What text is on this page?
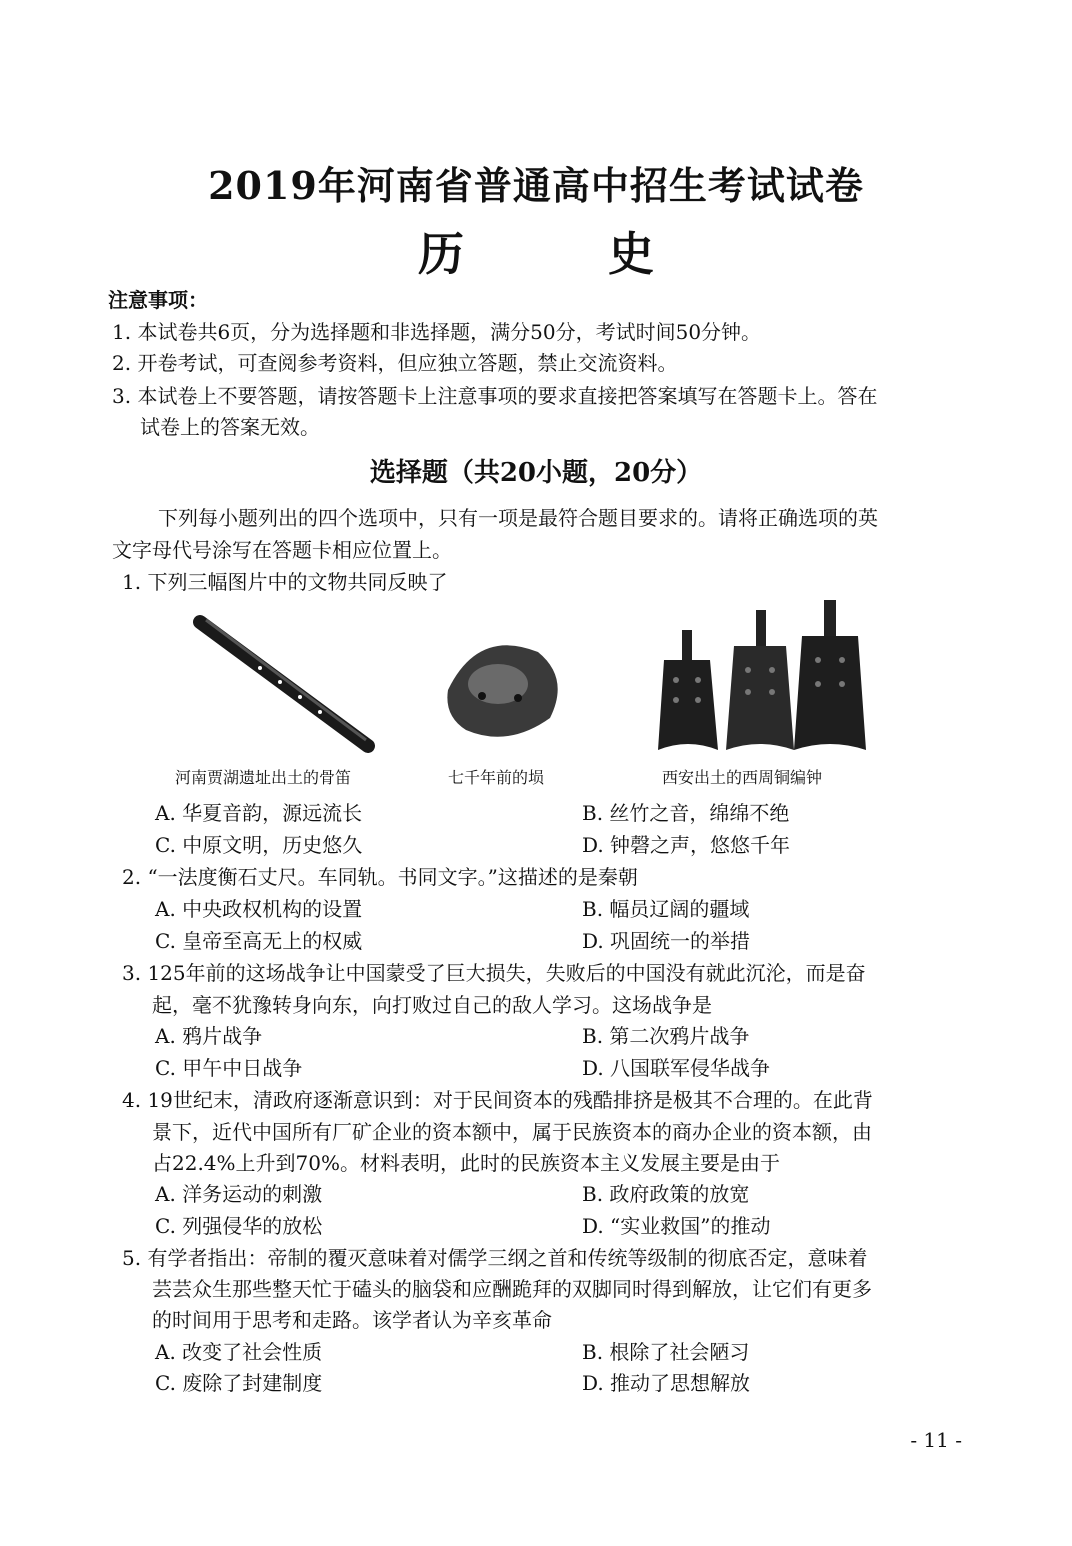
2019年河南省普通高中招生考试试卷
历	史
注意事项：
1. 本试卷共6页，分为选择题和非选择题，满分50分，考试时间50分钟。
2. 开卷考试，可查阅参考资料，但应独立答题，禁止交流资料。
3. 本试卷上不要答题，请按答题卡上注意事项的要求直接把答案填写在答题卡上。答在
试卷上的答案无效。
选择题（共20小题，20分）
下列每小题列出的四个选项中，只有一项是最符合题目要求的。请将正确选项的英
文字母代号涂写在答题卡相应位置上。
1. 下列三幅图片中的文物共同反映了
河南贾湖遗址出土的骨笛	七千年前的埙	西安出土的西周铜编钟
A. 华夏音韵，源远流长	B. 丝竹之音，绵绵不绝
C. 中原文明，历史悠久	D. 钟磬之声，悠悠千年
2. “一法度衡石丈尺。车同轨。书同文字。”这描述的是秦朝
A. 中央政权机构的设置	B. 幅员辽阔的疆域
C. 皇帝至高无上的权威	D. 巩固统一的举措
3. 125年前的这场战争让中国蒙受了巨大损失，失败后的中国没有就此沉沦，而是奋
起，毫不犹豫转身向东，向打败过自己的敌人学习。这场战争是
A. 鸦片战争	B. 第二次鸦片战争
C. 甲午中日战争	D. 八国联军侵华战争
4. 19世纪末，清政府逐渐意识到：对于民间资本的残酷排挤是极其不合理的。在此背
景下，近代中国所有厂矿企业的资本额中，属于民族资本的商办企业的资本额，由
占22.4%上升到70%。材料表明，此时的民族资本主义发展主要是由于
A. 洋务运动的刺激	B. 政府政策的放宽
C. 列强侵华的放松	D. “实业救国”的推动
5. 有学者指出：帝制的覆灭意味着对儒学三纲之首和传统等级制的彻底否定，意味着
芸芸众生那些整天忙于磕头的脑袋和应酬跪拜的双脚同时得到解放，让它们有更多
的时间用于思考和走路。该学者认为辛亥革命
A. 改变了社会性质	B. 根除了社会陋习
C. 废除了封建制度	D. 推动了思想解放
- 11 -
